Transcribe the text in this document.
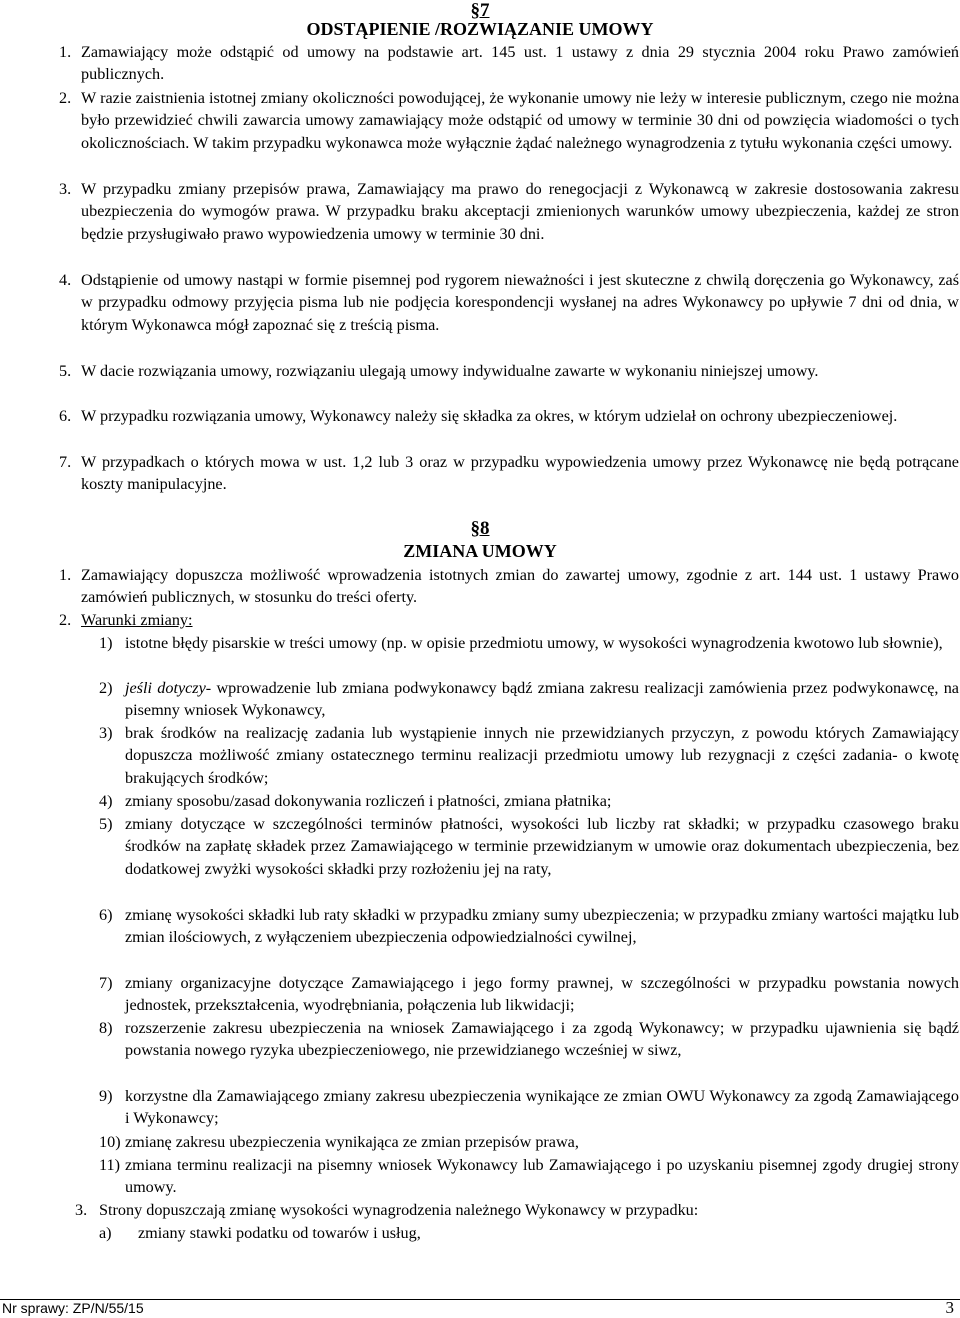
§7
ODSTĄPIENIE /ROZWIĄZANIE UMOWY

1. Zamawiający może odstąpić od umowy na podstawie art. 145 ust. 1 ustawy z dnia 29 stycznia 2004 roku Prawo zamówień publicznych.

2. W razie zaistnienia istotnej zmiany okoliczności powodującej, że wykonanie umowy nie leży w interesie publicznym, czego nie można było przewidzieć chwili zawarcia umowy zamawiający może odstąpić od umowy w terminie 30 dni od powzięcia wiadomości o tych okolicznościach. W takim przypadku wykonawca może wyłącznie żądać należnego wynagrodzenia z tytułu wykonania części umowy.

3. W przypadku zmiany przepisów prawa, Zamawiający ma prawo do renegocjacji z Wykonawcą w zakresie dostosowania zakresu ubezpieczenia do wymogów prawa. W przypadku braku akceptacji zmienionych warunków umowy ubezpieczenia, każdej ze stron będzie przysługiwało prawo wypowiedzenia umowy w terminie 30 dni.

4. Odstąpienie od umowy nastąpi w formie pisemnej pod rygorem nieważności i jest skuteczne z chwilą doręczenia go Wykonawcy, zaś w przypadku odmowy przyjęcia pisma lub nie podjęcia korespondencji wysłanej na adres Wykonawcy po upływie 7 dni od dnia, w którym Wykonawca mógł zapoznać się z treścią pisma.

5. W dacie rozwiązania umowy, rozwiązaniu ulegają umowy indywidualne zawarte w wykonaniu niniejszej umowy.

6. W przypadku rozwiązania umowy, Wykonawcy należy się składka za okres, w którym udzielał on ochrony ubezpieczeniowej.

7. W przypadkach o których mowa w ust. 1,2 lub 3 oraz w przypadku wypowiedzenia umowy przez Wykonawcę nie będą potrącane koszty manipulacyjne.

§8
ZMIANA UMOWY

1. Zamawiający dopuszcza możliwość wprowadzenia istotnych zmian do zawartej umowy, zgodnie z art. 144 ust. 1 ustawy Prawo zamówień publicznych, w stosunku do treści oferty.

2. Warunki zmiany:

1) istotne błędy pisarskie w treści umowy (np. w opisie przedmiotu umowy, w wysokości wynagrodzenia kwotowo lub słownie),
2) jeśli dotyczy- wprowadzenie lub zmiana podwykonawcy bądź zmiana zakresu realizacji zamówienia przez podwykonawcę, na pisemny wniosek Wykonawcy,
3) brak środków na realizację zadania lub wystąpienie innych nie przewidzianych przyczyn, z powodu których Zamawiający dopuszcza możliwość zmiany ostatecznego terminu realizacji przedmiotu umowy lub rezygnacji z części zadania- o kwotę brakujących środków;
4) zmiany sposobu/zasad dokonywania rozliczeń i płatności, zmiana płatnika;
5) zmiany dotyczące w szczególności terminów płatności, wysokości lub liczby rat składki; w przypadku czasowego braku środków na zapłatę składek przez Zamawiającego w terminie przewidzianym w umowie oraz dokumentach ubezpieczenia, bez dodatkowej zwyżki wysokości składki przy rozłożeniu jej na raty,
6) zmianę wysokości składki lub raty składki w przypadku zmiany sumy ubezpieczenia; w przypadku zmiany wartości majątku lub zmian ilościowych, z wyłączeniem ubezpieczenia odpowiedzialności cywilnej,
7) zmiany organizacyjne dotyczące Zamawiającego i jego formy prawnej, w szczególności w przypadku powstania nowych jednostek, przekształcenia, wyodrębniania, połączenia lub likwidacji;
8) rozszerzenie zakresu ubezpieczenia na wniosek Zamawiającego i za zgodą Wykonawcy; w przypadku ujawnienia się bądź powstania nowego ryzyka ubezpieczeniowego, nie przewidzianego wcześniej w siwz,
9) korzystne dla Zamawiającego zmiany zakresu ubezpieczenia wynikające ze zmian OWU Wykonawcy za zgodą Zamawiającego i Wykonawcy;
10) zmianę zakresu ubezpieczenia wynikająca ze zmian przepisów prawa,
11) zmiana terminu realizacji na pisemny wniosek Wykonawcy lub Zamawiającego i po uzyskaniu pisemnej zgody drugiej strony umowy.

3. Strony dopuszczają zmianę wysokości wynagrodzenia należnego Wykonawcy w przypadku:

a) zmiany stawki podatku od towarów i usług,
Nr sprawy: ZP/N/55/15	3
